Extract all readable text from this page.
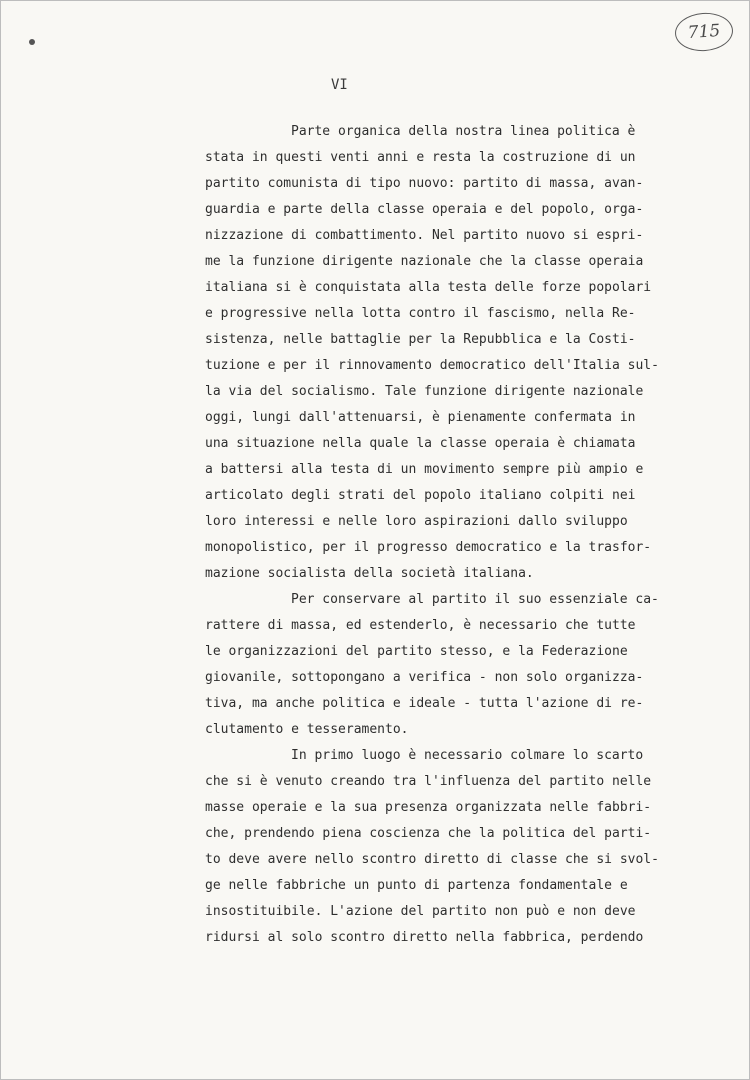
715
VI
Parte organica della nostra linea politica è
stata in questi venti anni e resta la costruzione di un
partito comunista di tipo nuovo: partito di massa, avan-
guardia e parte della classe operaia e del popolo, orga-
nizzazione di combattimento. Nel partito nuovo si espri-
me la funzione dirigente nazionale che la classe operaia
italiana si è conquistata alla testa delle forze popolari
e progressive nella lotta contro il fascismo, nella Re-
sistenza, nelle battaglie per la Repubblica e la Costi-
tuzione e per il rinnovamento democratico dell'Italia sul-
la via del socialismo. Tale funzione dirigente nazionale
oggi, lungi dall'attenuarsi, è pienamente confermata in
una situazione nella quale la classe operaia è chiamata
a battersi alla testa di un movimento sempre più ampio e
articolato degli strati del popolo italiano colpiti nei
loro interessi e nelle loro aspirazioni dallo sviluppo
monopolistico, per il progresso democratico e la trasfor-
mazione socialista della società italiana.
Per conservare al partito il suo essenziale ca-
rattere di massa, ed estenderlo, è necessario che tutte
le organizzazioni del partito stesso, e la Federazione
giovanile, sottopongano a verifica - non solo organizza-
tiva, ma anche politica e ideale - tutta l'azione di re-
clutamento e tesseramento.
In primo luogo è necessario colmare lo scarto
che si è venuto creando tra l'influenza del partito nelle
masse operaie e la sua presenza organizzata nelle fabbri-
che, prendendo piena coscienza che la politica del parti-
to deve avere nello scontro diretto di classe che si svol-
ge nelle fabbriche un punto di partenza fondamentale e
insostituibile. L'azione del partito non può e non deve
ridursi al solo scontro diretto nella fabbrica, perdendo
